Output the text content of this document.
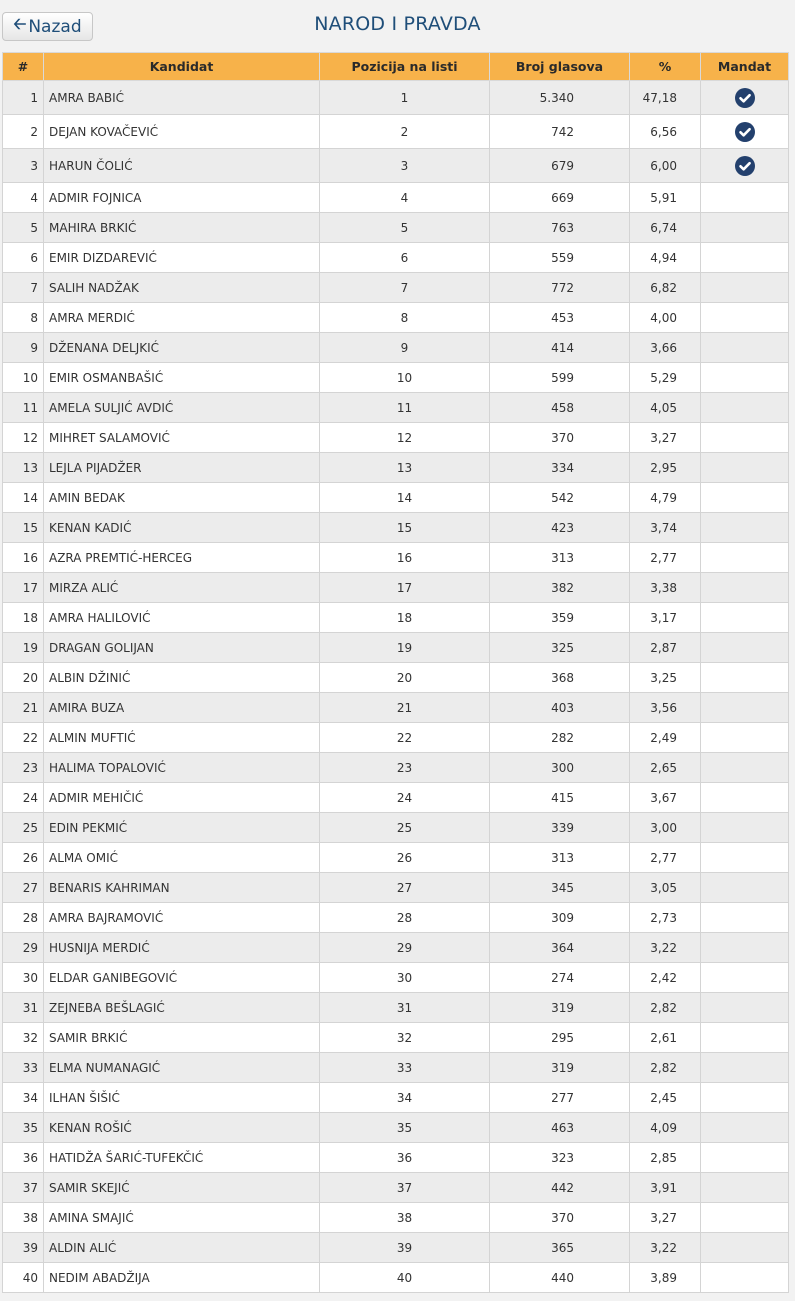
🡠 Nazad	NAROD I PRAVDA
#	Kandidat	Pozicija na listi	Broj glasova	%	Mandat
1	AMRA BABIĆ	1	5.340	47,18	

2	DEJAN KOVAČEVIĆ	2	742	6,56	

3	HARUN ČOLIĆ	3	679	6,00	

4	ADMIR FOJNICA	4	669	5,91	
5	MAHIRA BRKIĆ	5	763	6,74	
6	EMIR DIZDAREVIĆ	6	559	4,94	
7	SALIH NADŽAK	7	772	6,82	
8	AMRA MERDIĆ	8	453	4,00	
9	DŽENANA DELJKIĆ	9	414	3,66	
10	EMIR OSMANBAŠIĆ	10	599	5,29	
11	AMELA SULJIĆ AVDIĆ	11	458	4,05	
12	MIHRET SALAMOVIĆ	12	370	3,27	
13	LEJLA PIJADŽER	13	334	2,95	
14	AMIN BEDAK	14	542	4,79	
15	KENAN KADIĆ	15	423	3,74	
16	AZRA PREMTIĆ-HERCEG	16	313	2,77	
17	MIRZA ALIĆ	17	382	3,38	
18	AMRA HALILOVIĆ	18	359	3,17	
19	DRAGAN GOLIJAN	19	325	2,87	
20	ALBIN DŽINIĆ	20	368	3,25	
21	AMIRA BUZA	21	403	3,56	
22	ALMIN MUFTIĆ	22	282	2,49	
23	HALIMA TOPALOVIĆ	23	300	2,65	
24	ADMIR MEHIČIĆ	24	415	3,67	
25	EDIN PEKMIĆ	25	339	3,00	
26	ALMA OMIĆ	26	313	2,77	
27	BENARIS KAHRIMAN	27	345	3,05	
28	AMRA BAJRAMOVIĆ	28	309	2,73	
29	HUSNIJA MERDIĆ	29	364	3,22	
30	ELDAR GANIBEGOVIĆ	30	274	2,42	
31	ZEJNEBA BEŠLAGIĆ	31	319	2,82	
32	SAMIR BRKIĆ	32	295	2,61	
33	ELMA NUMANAGIĆ	33	319	2,82	
34	ILHAN ŠIŠIĆ	34	277	2,45	
35	KENAN ROŠIĆ	35	463	4,09	
36	HATIDŽA ŠARIĆ-TUFEKČIĆ	36	323	2,85	
37	SAMIR SKEJIĆ	37	442	3,91	
38	AMINA SMAJIĆ	38	370	3,27	
39	ALDIN ALIĆ	39	365	3,22	
40	NEDIM ABADŽIJA	40	440	3,89	
